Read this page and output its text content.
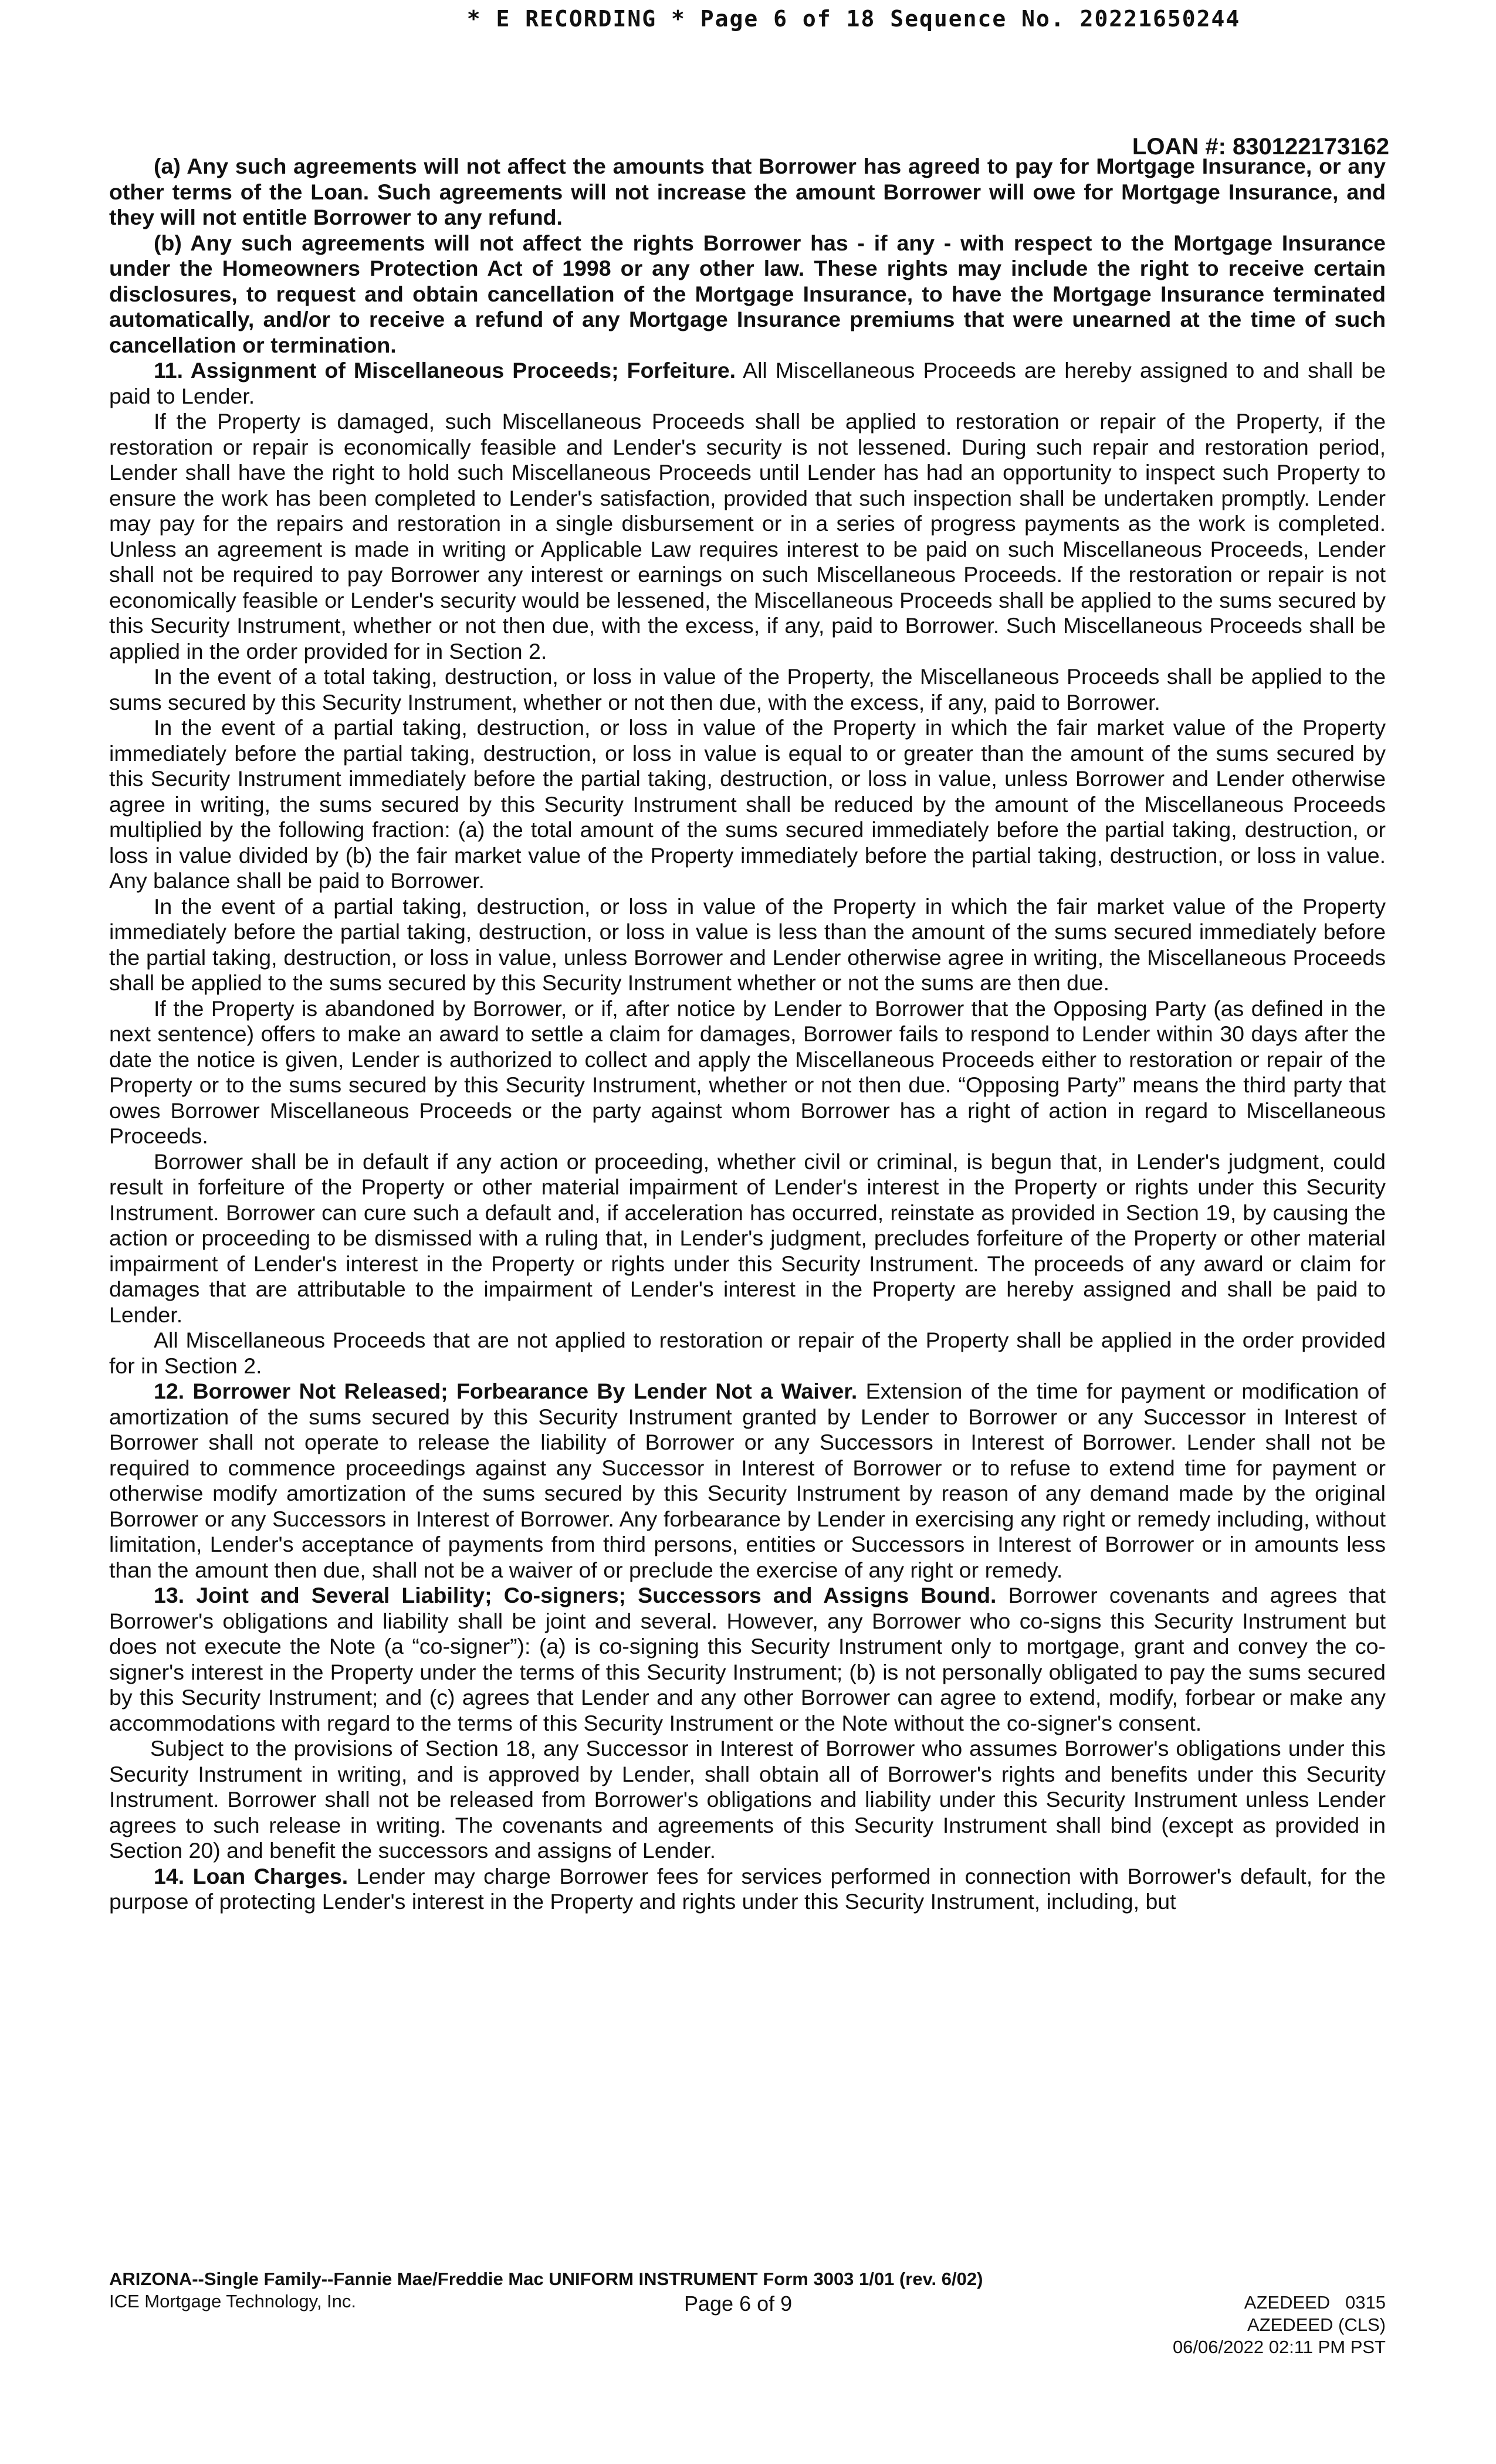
* E RECORDING * Page 6 of 18 Sequence No. 20221650244
LOAN #: 830122173162

(a) Any such agreements will not affect the amounts that Borrower has agreed to pay for Mortgage Insurance, or any other terms of the Loan. Such agreements will not increase the amount Borrower will owe for Mortgage Insurance, and they will not entitle Borrower to any refund.

(b) Any such agreements will not affect the rights Borrower has - if any - with respect to the Mortgage Insurance under the Homeowners Protection Act of 1998 or any other law. These rights may include the right to receive certain disclosures, to request and obtain cancellation of the Mortgage Insurance, to have the Mortgage Insurance terminated automatically, and/or to receive a refund of any Mortgage Insurance premiums that were unearned at the time of such cancellation or termination.

11. Assignment of Miscellaneous Proceeds; Forfeiture. All Miscellaneous Proceeds are hereby assigned to and shall be paid to Lender.

If the Property is damaged, such Miscellaneous Proceeds shall be applied to restoration or repair of the Property, if the restoration or repair is economically feasible and Lender's security is not lessened. During such repair and restoration period, Lender shall have the right to hold such Miscellaneous Proceeds until Lender has had an opportunity to inspect such Property to ensure the work has been completed to Lender's satisfaction, provided that such inspection shall be undertaken promptly. Lender may pay for the repairs and restoration in a single disbursement or in a series of progress payments as the work is completed. Unless an agreement is made in writing or Applicable Law requires interest to be paid on such Miscellaneous Proceeds, Lender shall not be required to pay Borrower any interest or earnings on such Miscellaneous Proceeds. If the restoration or repair is not economically feasible or Lender's security would be lessened, the Miscellaneous Proceeds shall be applied to the sums secured by this Security Instrument, whether or not then due, with the excess, if any, paid to Borrower. Such Miscellaneous Proceeds shall be applied in the order provided for in Section 2.

In the event of a total taking, destruction, or loss in value of the Property, the Miscellaneous Proceeds shall be applied to the sums secured by this Security Instrument, whether or not then due, with the excess, if any, paid to Borrower.

In the event of a partial taking, destruction, or loss in value of the Property in which the fair market value of the Property immediately before the partial taking, destruction, or loss in value is equal to or greater than the amount of the sums secured by this Security Instrument immediately before the partial taking, destruction, or loss in value, unless Borrower and Lender otherwise agree in writing, the sums secured by this Security Instrument shall be reduced by the amount of the Miscellaneous Proceeds multiplied by the following fraction: (a) the total amount of the sums secured immediately before the partial taking, destruction, or loss in value divided by (b) the fair market value of the Property immediately before the partial taking, destruction, or loss in value. Any balance shall be paid to Borrower.

In the event of a partial taking, destruction, or loss in value of the Property in which the fair market value of the Property immediately before the partial taking, destruction, or loss in value is less than the amount of the sums secured immediately before the partial taking, destruction, or loss in value, unless Borrower and Lender otherwise agree in writing, the Miscellaneous Proceeds shall be applied to the sums secured by this Security Instrument whether or not the sums are then due.

If the Property is abandoned by Borrower, or if, after notice by Lender to Borrower that the Opposing Party (as defined in the next sentence) offers to make an award to settle a claim for damages, Borrower fails to respond to Lender within 30 days after the date the notice is given, Lender is authorized to collect and apply the Miscellaneous Proceeds either to restoration or repair of the Property or to the sums secured by this Security Instrument, whether or not then due. “Opposing Party” means the third party that owes Borrower Miscellaneous Proceeds or the party against whom Borrower has a right of action in regard to Miscellaneous Proceeds.

Borrower shall be in default if any action or proceeding, whether civil or criminal, is begun that, in Lender's judgment, could result in forfeiture of the Property or other material impairment of Lender's interest in the Property or rights under this Security Instrument. Borrower can cure such a default and, if acceleration has occurred, reinstate as provided in Section 19, by causing the action or proceeding to be dismissed with a ruling that, in Lender's judgment, precludes forfeiture of the Property or other material impairment of Lender's interest in the Property or rights under this Security Instrument. The proceeds of any award or claim for damages that are attributable to the impairment of Lender's interest in the Property are hereby assigned and shall be paid to Lender.

All Miscellaneous Proceeds that are not applied to restoration or repair of the Property shall be applied in the order provided for in Section 2.

12. Borrower Not Released; Forbearance By Lender Not a Waiver. Extension of the time for payment or modification of amortization of the sums secured by this Security Instrument granted by Lender to Borrower or any Successor in Interest of Borrower shall not operate to release the liability of Borrower or any Successors in Interest of Borrower. Lender shall not be required to commence proceedings against any Successor in Interest of Borrower or to refuse to extend time for payment or otherwise modify amortization of the sums secured by this Security Instrument by reason of any demand made by the original Borrower or any Successors in Interest of Borrower. Any forbearance by Lender in exercising any right or remedy including, without limitation, Lender's acceptance of payments from third persons, entities or Successors in Interest of Borrower or in amounts less than the amount then due, shall not be a waiver of or preclude the exercise of any right or remedy.

13. Joint and Several Liability; Co-signers; Successors and Assigns Bound. Borrower covenants and agrees that Borrower's obligations and liability shall be joint and several. However, any Borrower who co-signs this Security Instrument but does not execute the Note (a “co-signer”): (a) is co-signing this Security Instrument only to mortgage, grant and convey the co-signer's interest in the Property under the terms of this Security Instrument; (b) is not personally obligated to pay the sums secured by this Security Instrument; and (c) agrees that Lender and any other Borrower can agree to extend, modify, forbear or make any accommodations with regard to the terms of this Security Instrument or the Note without the co-signer's consent.

Subject to the provisions of Section 18, any Successor in Interest of Borrower who assumes Borrower's obligations under this Security Instrument in writing, and is approved by Lender, shall obtain all of Borrower's rights and benefits under this Security Instrument. Borrower shall not be released from Borrower's obligations and liability under this Security Instrument unless Lender agrees to such release in writing. The covenants and agreements of this Security Instrument shall bind (except as provided in Section 20) and benefit the successors and assigns of Lender.

14. Loan Charges. Lender may charge Borrower fees for services performed in connection with Borrower's default, for the purpose of protecting Lender's interest in the Property and rights under this Security Instrument, including, but

ARIZONA--Single Family--Fannie Mae/Freddie Mac UNIFORM INSTRUMENT Form 3003 1/01 (rev. 6/02)
ICE Mortgage Technology, Inc.	Page 6 of 9	AZEDEED   0315
AZEDEED (CLS)
06/06/2022 02:11 PM PST
